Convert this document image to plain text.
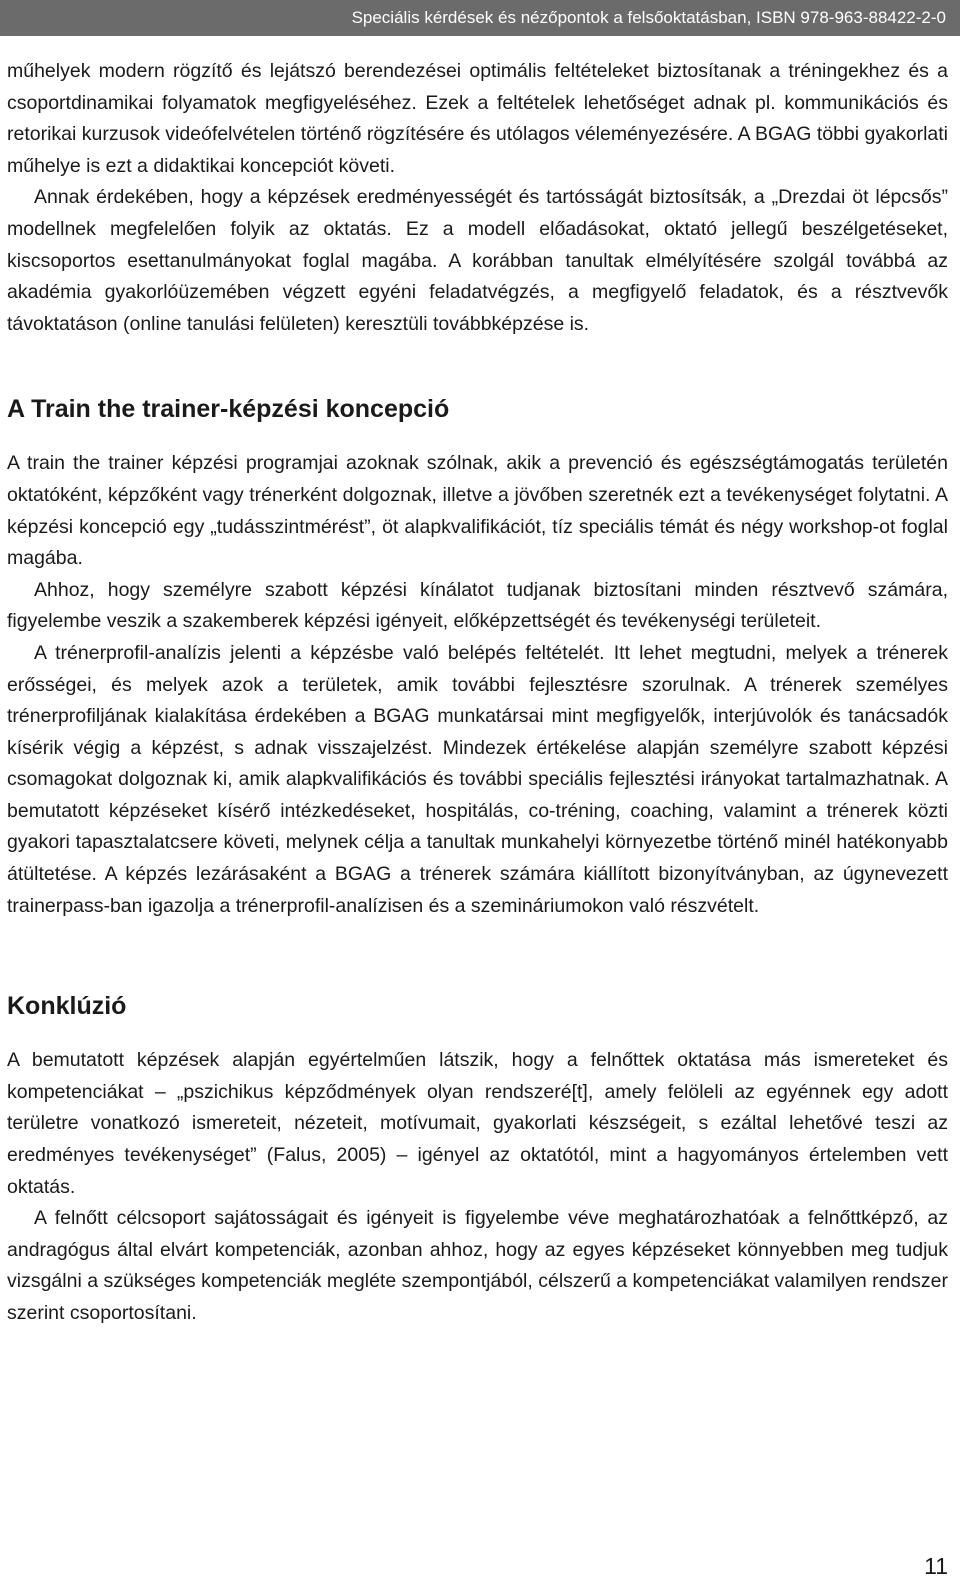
Speciális kérdések és nézőpontok a felsőoktatásban, ISBN 978-963-88422-2-0

műhelyek modern rögzítő és lejátszó berendezései optimális feltételeket biztosítanak a tréningekhez és a csoportdinamikai folyamatok megfigyeléséhez. Ezek a feltételek lehetőséget adnak pl. kommunikációs és retorikai kurzusok videófelvételen történő rögzítésére és utólagos véleményezésére. A BGAG többi gyakorlati műhelye is ezt a didaktikai koncepciót követi.

Annak érdekében, hogy a képzések eredményességét és tartósságát biztosítsák, a „Drezdai öt lépcsős” modellnek megfelelően folyik az oktatás. Ez a modell előadásokat, oktató jellegű beszélgetéseket, kiscsoportos esettanulmányokat foglal magába. A korábban tanultak elmélyítésére szolgál továbbá az akadémia gyakorlóüzemében végzett egyéni feladatvégzés, a megfigyelő feladatok, és a résztvevők távoktatáson (online tanulási felületen) keresztüli továbbképzése is.

A Train the trainer-képzési koncepció

A train the trainer képzési programjai azoknak szólnak, akik a prevenció és egészségtámogatás területén oktatóként, képzőként vagy trénerként dolgoznak, illetve a jövőben szeretnék ezt a tevékenységet folytatni. A képzési koncepció egy „tudásszintmérést”, öt alapkvalifikációt, tíz speciális témát és négy workshop-ot foglal magába.

Ahhoz, hogy személyre szabott képzési kínálatot tudjanak biztosítani minden résztvevő számára, figyelembe veszik a szakemberek képzési igényeit, előképzettségét és tevékenységi területeit.

A trénerprofil-analízis jelenti a képzésbe való belépés feltételét. Itt lehet megtudni, melyek a trénerek erősségei, és melyek azok a területek, amik további fejlesztésre szorulnak. A trénerek személyes trénerprofiljának kialakítása érdekében a BGAG munkatársai mint megfigyelők, interjúvolók és tanácsadók kísérik végig a képzést, s adnak visszajelzést. Mindezek értékelése alapján személyre szabott képzési csomagokat dolgoznak ki, amik alapkvalifikációs és további speciális fejlesztési irányokat tartalmazhatnak. A bemutatott képzéseket kísérő intézkedéseket, hospitálás, co-tréning, coaching, valamint a trénerek közti gyakori tapasztalatcsere követi, melynek célja a tanultak munkahelyi környezetbe történő minél hatékonyabb átültetése. A képzés lezárásaként a BGAG a trénerek számára kiállított bizonyítványban, az úgynevezett trainerpass-ban igazolja a trénerprofil-analízisen és a szemináriumokon való részvételt.

Konklúzió

A bemutatott képzések alapján egyértelműen látszik, hogy a felnőttek oktatása más ismereteket és kompetenciákat – „pszichikus képződmények olyan rendszeré[t], amely felöleli az egyénnek egy adott területre vonatkozó ismereteit, nézeteit, motívumait, gyakorlati készségeit, s ezáltal lehetővé teszi az eredményes tevékenységet” (Falus, 2005) – igényel az oktatótól, mint a hagyományos értelemben vett oktatás.

A felnőtt célcsoport sajátosságait és igényeit is figyelembe véve meghatározhatóak a felnőttképző, az andragógus által elvárt kompetenciák, azonban ahhoz, hogy az egyes képzéseket könnyebben meg tudjuk vizsgálni a szükséges kompetenciák megléte szempontjából, célszerű a kompetenciákat valamilyen rendszer szerint csoportosítani.

11
